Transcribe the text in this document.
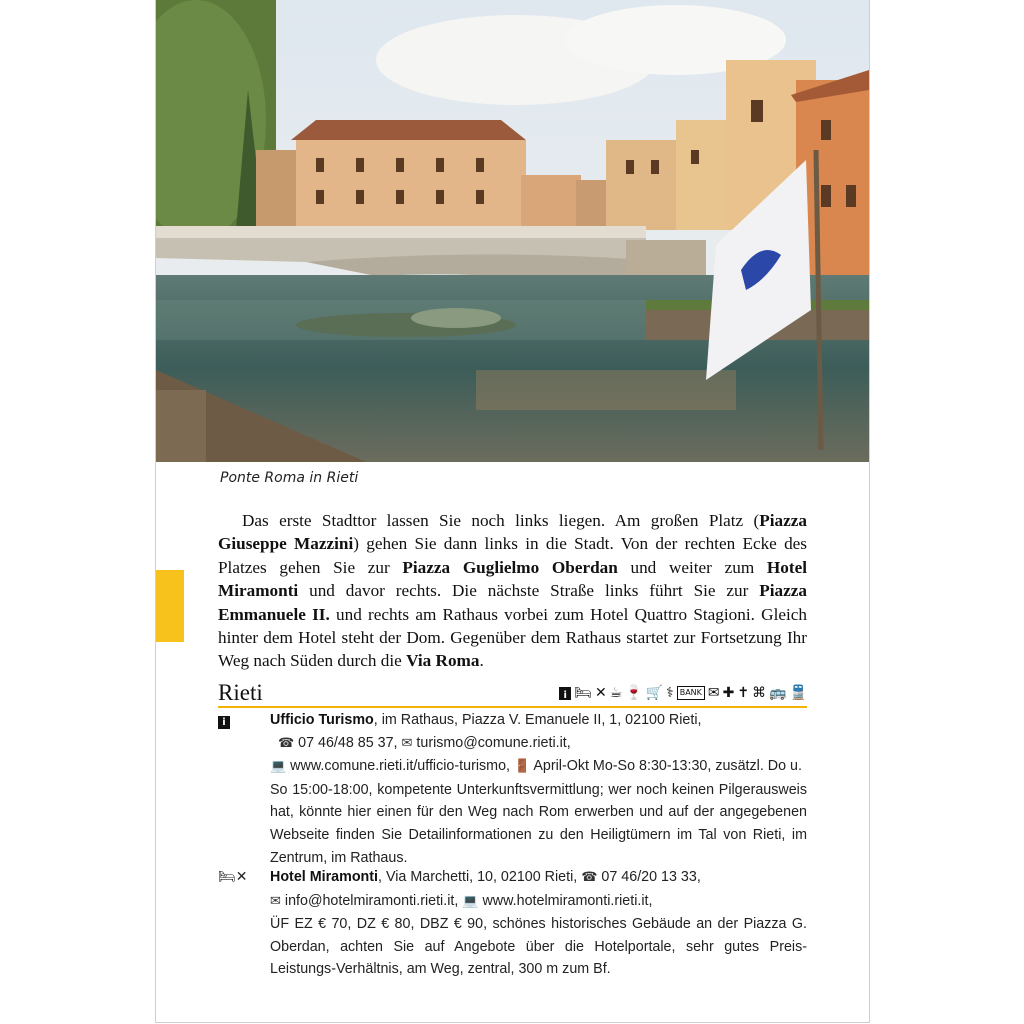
Ponte Roma in Rieti

Das erste Stadttor lassen Sie noch links liegen. Am großen Platz (Piazza Giuseppe Mazzini) gehen Sie dann links in die Stadt. Von der rechten Ecke des Platzes gehen Sie zur Piazza Guglielmo Oberdan und weiter zum Hotel Miramonti und davor rechts. Die nächste Straße links führt Sie zur Piazza Emmanuele II. und rechts am Rathaus vorbei zum Hotel Quattro Stagioni. Gleich hinter dem Hotel steht der Dom. Gegenüber dem Rathaus startet zur Fortsetzung Ihr Weg nach Süden durch die Via Roma.

Rieti	i 🛏 ✕ ☕ 🍷 🛒 ⚕ BANK ✉ ✚ ✝ ⌘ 🚌 🚆
i	Ufficio Turismo, im Rathaus, Piazza V. Emanuele II, 1, 02100 Rieti,
☎ 07 46/48 85 37, ✉ turismo@comune.rieti.it,
💻 www.comune.rieti.it/ufficio-turismo, 🚪 April-Okt Mo-So 8:30-13:30, zusätzl. Do u.
So 15:00-18:00, kompetente Unterkunftsvermittlung; wer noch keinen Pilgerausweis hat, könnte hier einen für den Weg nach Rom erwerben und auf der angegebenen Webseite finden Sie Detailinformationen zu den Heiligtümern im Tal von Rieti, im Zentrum, im Rathaus.
🛏✕ Hotel Miramonti, Via Marchetti, 10, 02100 Rieti, ☎ 07 46/20 13 33,
✉ info@hotelmiramonti.rieti.it, 💻 www.hotelmiramonti.rieti.it,
ÜF EZ € 70, DZ € 80, DBZ € 90, schönes historisches Gebäude an der Piazza G. Oberdan, achten Sie auf Angebote über die Hotelportale, sehr gutes Preis-Leistungs-Verhältnis, am Weg, zentral, 300 m zum Bf.
